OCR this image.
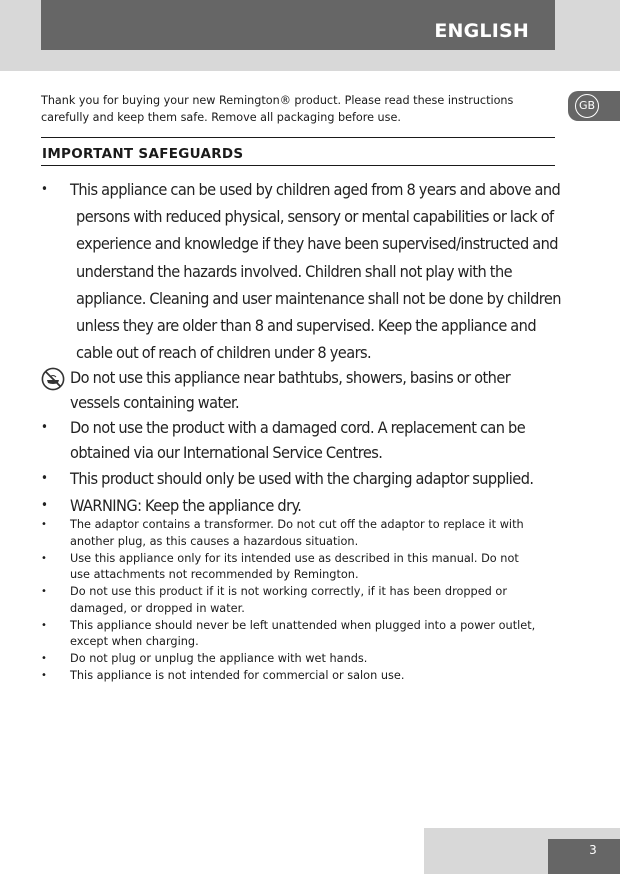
ENGLISH
GB
Thank you for buying your new Remington® product. Please read these instructions carefully and keep them safe. Remove all packaging before use.
IMPORTANT SAFEGUARDS
• This appliance can be used by children aged from 8 years and above and persons with reduced physical, sensory or mental capabilities or lack of experience and knowledge if they have been supervised/instructed and understand the hazards involved. Children shall not play with the appliance. Cleaning and user maintenance shall not be done by children unless they are older than 8 and supervised. Keep the appliance and cable out of reach of children under 8 years.
Do not use this appliance near bathtubs, showers, basins or other vessels containing water.
• Do not use the product with a damaged cord. A replacement can be obtained via our International Service Centres.
• This product should only be used with the charging adaptor supplied.
• WARNING: Keep the appliance dry.
• The adaptor contains a transformer. Do not cut off the adaptor to replace it with another plug, as this causes a hazardous situation.
• Use this appliance only for its intended use as described in this manual. Do not use attachments not recommended by Remington.
• Do not use this product if it is not working correctly, if it has been dropped or damaged, or dropped in water.
• This appliance should never be left unattended when plugged into a power outlet, except when charging.
• Do not plug or unplug the appliance with wet hands.
• This appliance is not intended for commercial or salon use.
3
